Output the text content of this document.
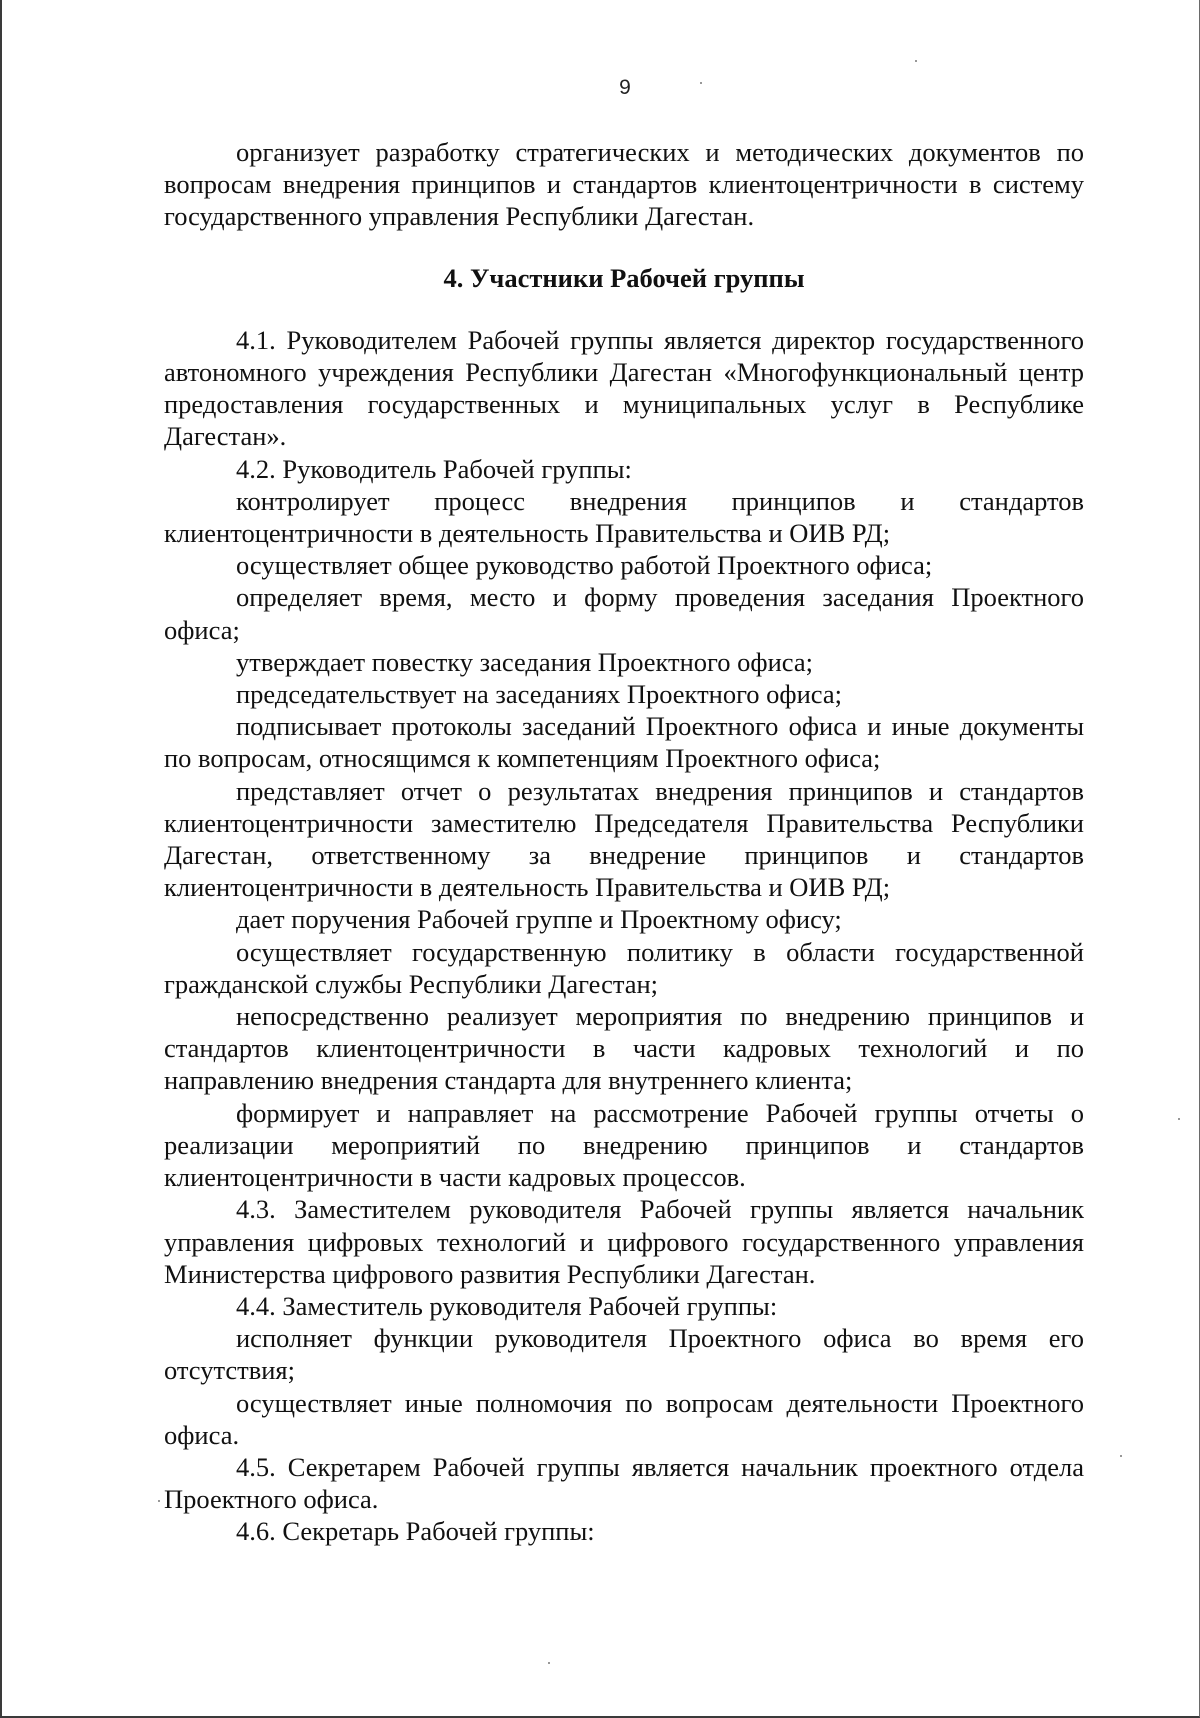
9

организует разработку стратегических и методических документов по вопросам внедрения принципов и стандартов клиентоцентричности в систему государственного управления Республики Дагестан.

4. Участники Рабочей группы

4.1. Руководителем Рабочей группы является директор государственного автономного учреждения Республики Дагестан «Многофункциональный центр предоставления государственных и муниципальных услуг в Республике Дагестан».

4.2. Руководитель Рабочей группы:

контролирует процесс внедрения принципов и стандартов клиентоцентричности в деятельность Правительства и ОИВ РД;

осуществляет общее руководство работой Проектного офиса;

определяет время, место и форму проведения заседания Проектного офиса;

утверждает повестку заседания Проектного офиса;

председательствует на заседаниях Проектного офиса;

подписывает протоколы заседаний Проектного офиса и иные документы по вопросам, относящимся к компетенциям Проектного офиса;

представляет отчет о результатах внедрения принципов и стандартов клиентоцентричности заместителю Председателя Правительства Республики Дагестан, ответственному за внедрение принципов и стандартов клиентоцентричности в деятельность Правительства и ОИВ РД;

дает поручения Рабочей группе и Проектному офису;

осуществляет государственную политику в области государственной гражданской службы Республики Дагестан;

непосредственно реализует мероприятия по внедрению принципов и стандартов клиентоцентричности в части кадровых технологий и по направлению внедрения стандарта для внутреннего клиента;

формирует и направляет на рассмотрение Рабочей группы отчеты о реализации мероприятий по внедрению принципов и стандартов клиентоцентричности в части кадровых процессов.

4.3. Заместителем руководителя Рабочей группы является начальник управления цифровых технологий и цифрового государственного управления Министерства цифрового развития Республики Дагестан.

4.4. Заместитель руководителя Рабочей группы:

исполняет функции руководителя Проектного офиса во время его отсутствия;

осуществляет иные полномочия по вопросам деятельности Проектного офиса.

4.5. Секретарем Рабочей группы является начальник проектного отдела Проектного офиса.

4.6. Секретарь Рабочей группы:
